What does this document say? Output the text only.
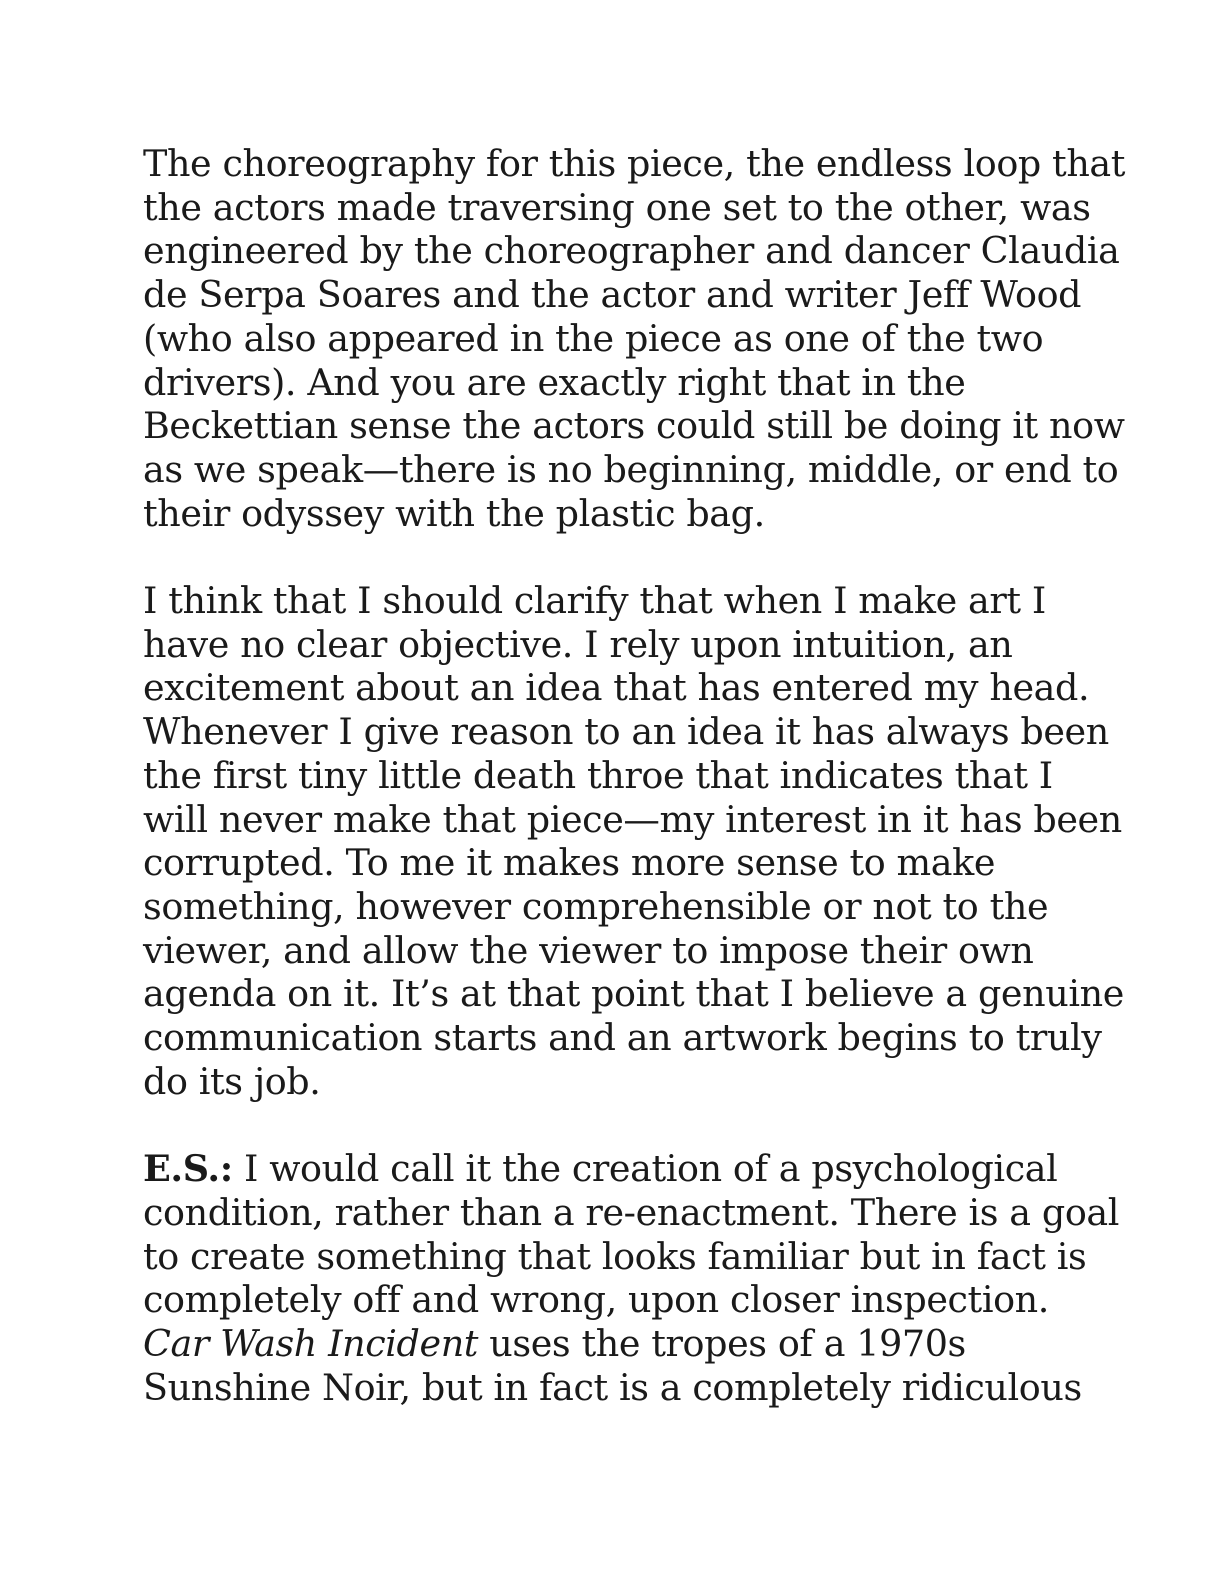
The choreography for this piece, the endless loop that
the actors made traversing one set to the other, was
engineered by the choreographer and dancer Claudia
de Serpa Soares and the actor and writer Jeff Wood
(who also appeared in the piece as one of the two
drivers). And you are exactly right that in the
Beckettian sense the actors could still be doing it now
as we speak—there is no beginning, middle, or end to
their odyssey with the plastic bag.

I think that I should clarify that when I make art I
have no clear objective. I rely upon intuition, an
excitement about an idea that has entered my head.
Whenever I give reason to an idea it has always been
the first tiny little death throe that indicates that I
will never make that piece—my interest in it has been
corrupted. To me it makes more sense to make
something, however comprehensible or not to the
viewer, and allow the viewer to impose their own
agenda on it. It’s at that point that I believe a genuine
communication starts and an artwork begins to truly
do its job.

E.S.: I would call it the creation of a psychological
condition, rather than a re-enactment. There is a goal
to create something that looks familiar but in fact is
completely off and wrong, upon closer inspection.
Car Wash Incident uses the tropes of a 1970s
Sunshine Noir, but in fact is a completely ridiculous
